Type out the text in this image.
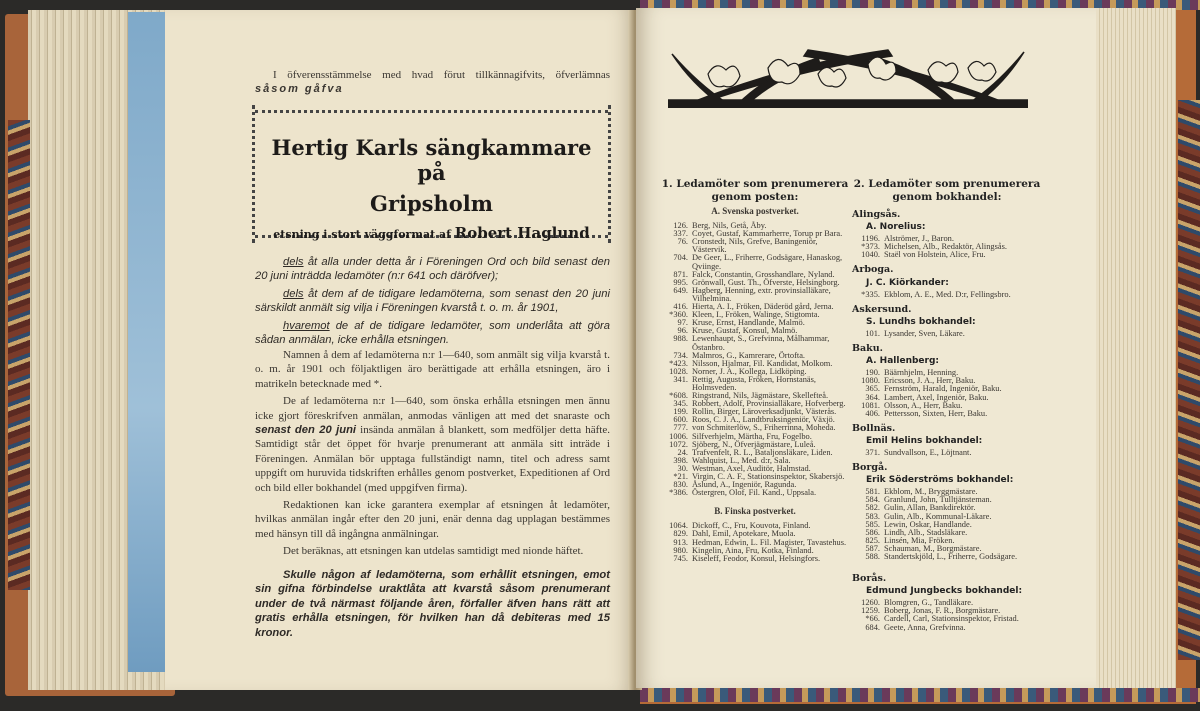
I öfverensstämmelse med hvad förut tillkännagifvits, öfverlämnas såsom gåfva
Hertig Karls sängkammare på
Gripsholm
etsning i stort väggformat af Robert Haglund
dels åt alla under detta år i Föreningen Ord och bild senast den 20 juni inträdda ledamöter (n:r 641 och däröfver);
dels åt dem af de tidigare ledamöterna, som senast den 20 juni särskildt anmält sig vilja i Föreningen kvarstå t. o. m. år 1901,
hvaremot de af de tidigare ledamöter, som underlåta att göra sådan anmälan, icke erhålla etsningen.
Namnen å dem af ledamöterna n:r 1—640, som anmält sig vilja kvarstå t. o. m. år 1901 och följaktligen äro berättigade att erhålla etsningen, äro i matrikeln betecknade med *.
De af ledamöterna n:r 1—640, som önska erhålla etsningen men ännu icke gjort föreskrifven anmälan, anmodas vänligen att med det snaraste och senast den 20 juni insända anmälan å blankett, som medföljer detta häfte. Samtidigt står det öppet för hvarje prenumerant att anmäla sitt inträde i Föreningen. Anmälan bör upptaga fullständigt namn, titel och adress samt uppgift om huruvida tidskriften erhålles genom postverket, Expeditionen af Ord och bild eller bokhandel (med uppgifven firma).
Redaktionen kan icke garantera exemplar af etsningen åt ledamöter, hvilkas anmälan ingår efter den 20 juni, enär denna dag upplagan bestämmes med hänsyn till då ingångna anmälningar.
Det beräknas, att etsningen kan utdelas samtidigt med nionde häftet.
Skulle någon af ledamöterna, som erhållit etsningen, emot sin gifna förbindelse uraktlåta att kvarstå såsom prenumerant under de två närmast följande åren, förfaller äfven hans rätt att gratis erhålla etsningen, för hvilken han då debiteras med 15 kronor.
1. Ledamöter som prenumerera genom posten:
A. Svenska postverket.
126. Berg, Nils, Getå, Åby.
337. Coyet, Gustaf, Kammarherre, Torup pr Bara.
76. Cronstedt, Nils, Grefve, Baningeniör, Västervik.
704. De Geer, L., Friherre, Godsägare, Hanaskog, Qviinge.
871. Falck, Constantin, Grosshandlare, Nyland.
995. Grönwall, Gust. Th., Öfverste, Helsingborg.
649. Hagberg, Henning, extr. provinsialläkare, Vilhelmina.
416. Hierta, A. I., Fröken, Däderöd gård, Jerna.
*360. Kleen, I., Fröken, Walinge, Stigtomta.
97. Kruse, Ernst, Handlande, Malmö.
96. Kruse, Gustaf, Konsul, Malmö.
988. Lewenhaupt, S., Grefvinna, Målhammar, Östanbro.
734. Malmros, G., Kamrerare, Örtofta.
*423. Nilsson, Hjalmar, Fil. Kandidat, Molkom.
1028. Norner, J. A., Kollega, Lidköping.
341. Rettig, Augusta, Fröken, Hornstanäs, Holmsveden.
*608. Ringstrand, Nils, Jägmästare, Skellefteå.
345. Robbert, Adolf, Provinsialläkare, Hofverberg.
199. Rollin, Birger, Läroverksadjunkt, Västerås.
600. Roos, C. J. A., Landtbruksingeniör, Växjö.
777. von Schmiterlöw, S., Friherrinna, Moheda.
1006. Silfverhjelm, Märtha, Fru, Fogelbo.
1072. Sjöberg, N., Öfverjägmästare, Luleå.
24. Trafvenfelt, R. L., Bataljonsläkare, Liden.
398. Wahlquist, L., Med. d:r, Sala.
30. Westman, Axel, Auditör, Halmstad.
*21. Virgin, C. A. F., Stationsinspektor, Skabersjö.
830. Åslund, A., Ingeniör, Ragunda.
*386. Östergren, Olof, Fil. Kand., Uppsala.
B. Finska postverket.
1064. Dickoff, C., Fru, Kouvota, Finland.
829. Dahl, Emil, Apotekare, Muola.
913. Hedman, Edwin, L. Fil. Magister, Tavastehus.
980. Kingelin, Aina, Fru, Kotka, Finland.
745. Kiseleff, Feodor, Konsul, Helsingfors.
2. Ledamöter som prenumerera genom bokhandel:
Alingsås.
A. Norelius:
1196. Alströmer, J., Baron.
*373. Michelsen, Alb., Redaktör, Alingsås.
1040. Staël von Holstein, Alice, Fru.
Arboga.
J. C. Kiörkander:
*335. Ekblom, A. E., Med. D:r, Fellingsbro.
Askersund.
S. Lundhs bokhandel:
101. Lysander, Sven, Läkare.
Baku.
A. Hallenberg:
190. Bäärnhjelm, Henning.
1080. Ericsson, J. A., Herr, Baku.
365. Fernström, Harald, Ingeniör, Baku.
364. Lambert, Axel, Ingeniör, Baku.
1081. Olsson, A., Herr, Baku.
406. Pettersson, Sixten, Herr, Baku.
Bollnäs.
Emil Helins bokhandel:
371. Sundvallson, E., Löjtnant.
Borgå.
Erik Söderströms bokhandel:
581. Ekblom, M., Bryggmästare.
584. Granlund, John, Tulltjänsteman.
582. Gulin, Allan, Bankdirektör.
583. Gulin, Alb., Kommunal-Läkare.
585. Lewin, Oskar, Handlande.
586. Lindh, Alb., Stadsläkare.
825. Linsén, Mia, Fröken.
587. Schauman, M., Borgmästare.
588. Standertskjöld, L., Friherre, Godsägare.
Borås.
Edmund Jungbecks bokhandel:
1260. Blomgren, G., Tandläkare.
1259. Boberg, Jonas, F. R., Borgmästare.
*66. Cardell, Carl, Stationsinspektor, Fristad.
684. Geete, Anna, Grefvinna.
